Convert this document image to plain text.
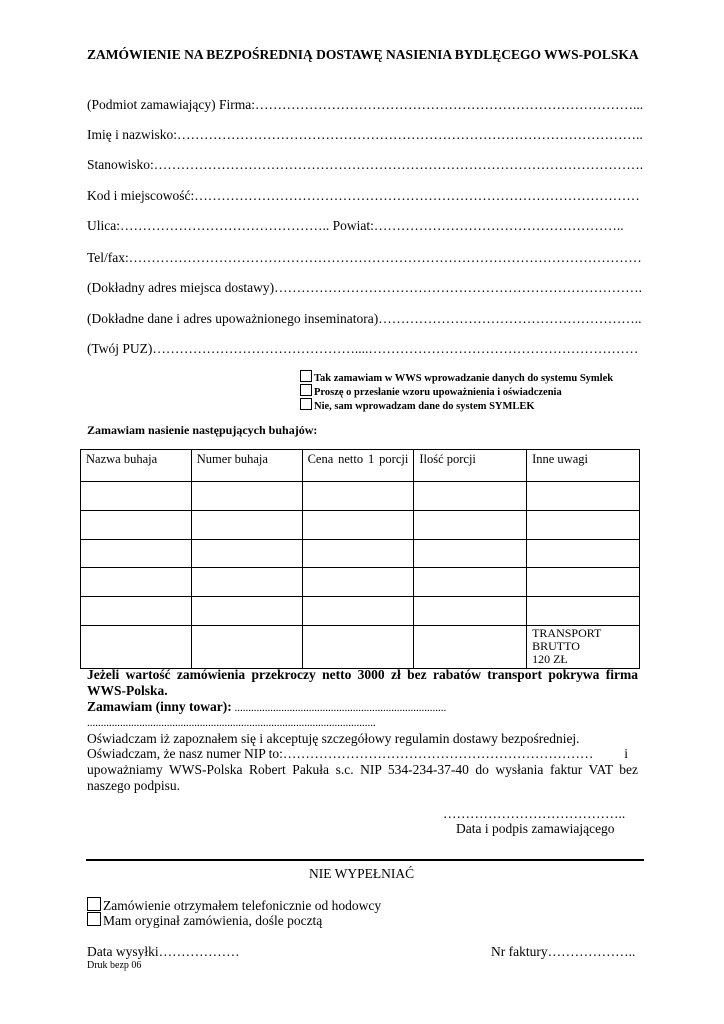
ZAMÓWIENIE NA BEZPOŚREDNIĄ DOSTAWĘ NASIENIA BYDLĘCEGO WWS-POLSKA
(Podmiot zamawiający) Firma:…………………………………………………………………………...
Imię i nazwisko:…………………………………………………………………………………………..
Stanowisko:……………………………………………………………………………………………….
Kod i miejscowość:………………………………………………………………………………………
Ulica:……………………………………….. Powiat:………………………………………………..
Tel/fax:……………………………………………………………………………………………………
(Dokładny adres miejsca dostawy)……………………………………………………………………….
(Dokładne dane i adres upoważnionego inseminatora)…………………………………………………..
(Twój PUZ)………………………………………....……………………………………………………
Tak zamawiam w WWS wprowadzanie danych do systemu Symlek
Proszę o przesłanie wzoru upoważnienia i oświadczenia
Nie, sam wprowadzam dane do system SYMLEK
Zamawiam nasienie następujących buhajów:
Nazwa buhaja	Numer buhaja	Cena netto 1 porcji	Ilość porcji	Inne uwagi

				TRANSPORT
BRUTTO
120 ZŁ
Jeżeli wartość zamówienia przekroczy netto 3000 zł bez rabatów transport pokrywa firma WWS-Polska.
Zamawiam (inny towar): .............................................................................
.........................................................................................................
Oświadczam iż zapoznałem się i akceptuję szczegółowy regulamin dostawy bezpośredniej.
Oświadczam, że nasz numer NIP to:…………………………………………………………… i
upoważniamy WWS-Polska Robert Pakuła s.c. NIP 534-234-37-40 do wysłania faktur VAT bez
naszego podpisu.
…………………………………..
Data i podpis zamawiającego
NIE WYPEŁNIAĆ
Zamówienie otrzymałem telefonicznie od hodowcy
Mam oryginał zamówienia, dośle pocztą
Data wysyłki………………	Nr faktury………………..
Druk bezp 06
